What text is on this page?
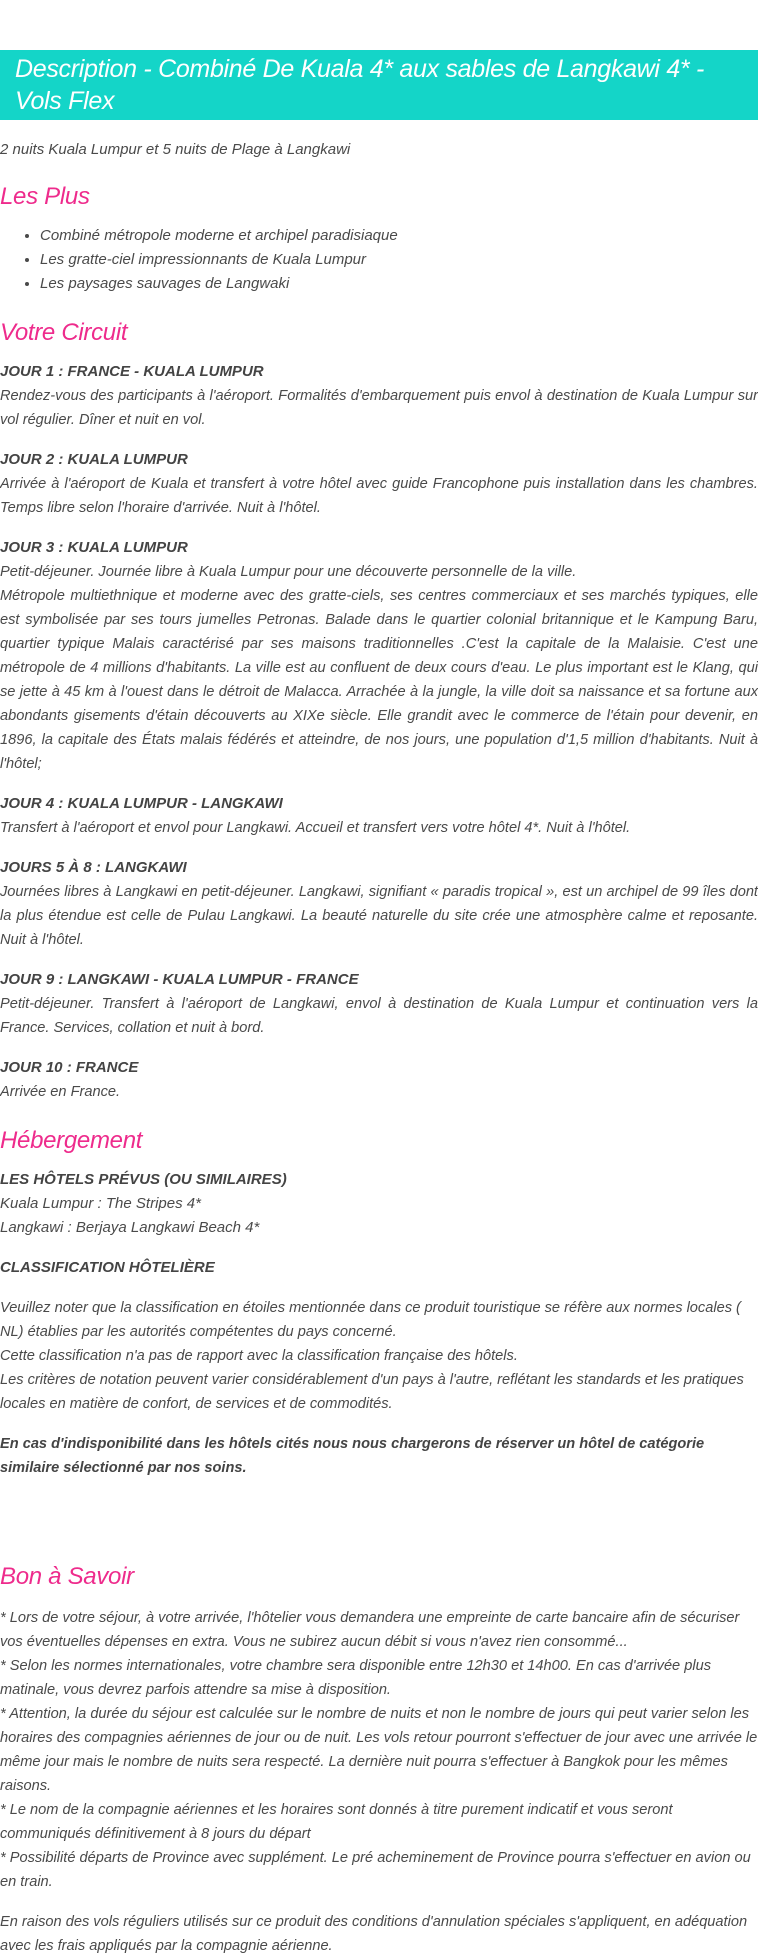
Description - Combiné De Kuala 4* aux sables de Langkawi 4* - Vols Flex

2 nuits Kuala Lumpur et 5 nuits de Plage à Langkawi

Les Plus
• Combiné métropole moderne et archipel paradisiaque
• Les gratte-ciel impressionnants de Kuala Lumpur
• Les paysages sauvages de Langwaki
Votre Circuit
JOUR 1 : FRANCE - KUALA LUMPUR
Rendez-vous des participants à l'aéroport. Formalités d'embarquement puis envol à destination de Kuala Lumpur sur vol régulier. Dîner et nuit en vol.
JOUR 2 : KUALA LUMPUR
Arrivée à l'aéroport de Kuala et transfert à votre hôtel avec guide Francophone puis installation dans les chambres. Temps libre selon l'horaire d'arrivée. Nuit à l'hôtel.
JOUR 3 : KUALA LUMPUR
Petit-déjeuner. Journée libre à Kuala Lumpur pour une découverte personnelle de la ville.
Métropole multiethnique et moderne avec des gratte-ciels, ses centres commerciaux et ses marchés typiques, elle est symbolisée par ses tours jumelles Petronas. Balade dans le quartier colonial britannique et le Kampung Baru, quartier typique Malais caractérisé par ses maisons traditionnelles .C'est la capitale de la Malaisie. C'est une métropole de 4 millions d'habitants. La ville est au confluent de deux cours d'eau. Le plus important est le Klang, qui se jette à 45 km à l'ouest dans le détroit de Malacca. Arrachée à la jungle, la ville doit sa naissance et sa fortune aux abondants gisements d'étain découverts au XIXe siècle. Elle grandit avec le commerce de l'étain pour devenir, en 1896, la capitale des États malais fédérés et atteindre, de nos jours, une population d'1,5 million d'habitants. Nuit à l'hôtel;
JOUR 4 : KUALA LUMPUR - LANGKAWI
Transfert à l'aéroport et envol pour Langkawi. Accueil et transfert vers votre hôtel 4*. Nuit à l'hôtel.
JOURS 5 À 8 : LANGKAWI
Journées libres à Langkawi en petit-déjeuner. Langkawi, signifiant « paradis tropical », est un archipel de 99 îles dont la plus étendue est celle de Pulau Langkawi. La beauté naturelle du site crée une atmosphère calme et reposante. Nuit à l'hôtel.
JOUR 9 : LANGKAWI - KUALA LUMPUR - FRANCE
Petit-déjeuner. Transfert à l'aéroport de Langkawi, envol à destination de Kuala Lumpur et continuation vers la France. Services, collation et nuit à bord.
JOUR 10 : FRANCE
Arrivée en France.
Hébergement
LES HÔTELS PRÉVUS (OU SIMILAIRES)
Kuala Lumpur : The Stripes 4*
Langkawi : Berjaya Langkawi Beach 4*
CLASSIFICATION HÔTELIÈRE

Veuillez noter que la classification en étoiles mentionnée dans ce produit touristique se réfère aux normes locales ( NL) établies par les autorités compétentes du pays concerné.

Cette classification n'a pas de rapport avec la classification française des hôtels.

Les critères de notation peuvent varier considérablement d'un pays à l'autre, reflétant les standards et les pratiques locales en matière de confort, de services et de commodités.

En cas d'indisponibilité dans les hôtels cités nous nous chargerons de réserver un hôtel de catégorie similaire sélectionné par nos soins.

Bon à Savoir

* Lors de votre séjour, à votre arrivée, l'hôtelier vous demandera une empreinte de carte bancaire afin de sécuriser vos éventuelles dépenses en extra. Vous ne subirez aucun débit si vous n'avez rien consommé...

* Selon les normes internationales, votre chambre sera disponible entre 12h30 et 14h00. En cas d'arrivée plus matinale, vous devrez parfois attendre sa mise à disposition.

* Attention, la durée du séjour est calculée sur le nombre de nuits et non le nombre de jours qui peut varier selon les horaires des compagnies aériennes de jour ou de nuit. Les vols retour pourront s'effectuer de jour avec une arrivée le même jour mais le nombre de nuits sera respecté. La dernière nuit pourra s'effectuer à Bangkok pour les mêmes raisons.

* Le nom de la compagnie aériennes et les horaires sont donnés à titre purement indicatif et vous seront communiqués définitivement à 8 jours du départ

* Possibilité départs de Province avec supplément. Le pré acheminement de Province pourra s'effectuer en avion ou en train.

En raison des vols réguliers utilisés sur ce produit des conditions d'annulation spéciales s'appliquent, en adéquation avec les frais appliqués par la compagnie aérienne.
